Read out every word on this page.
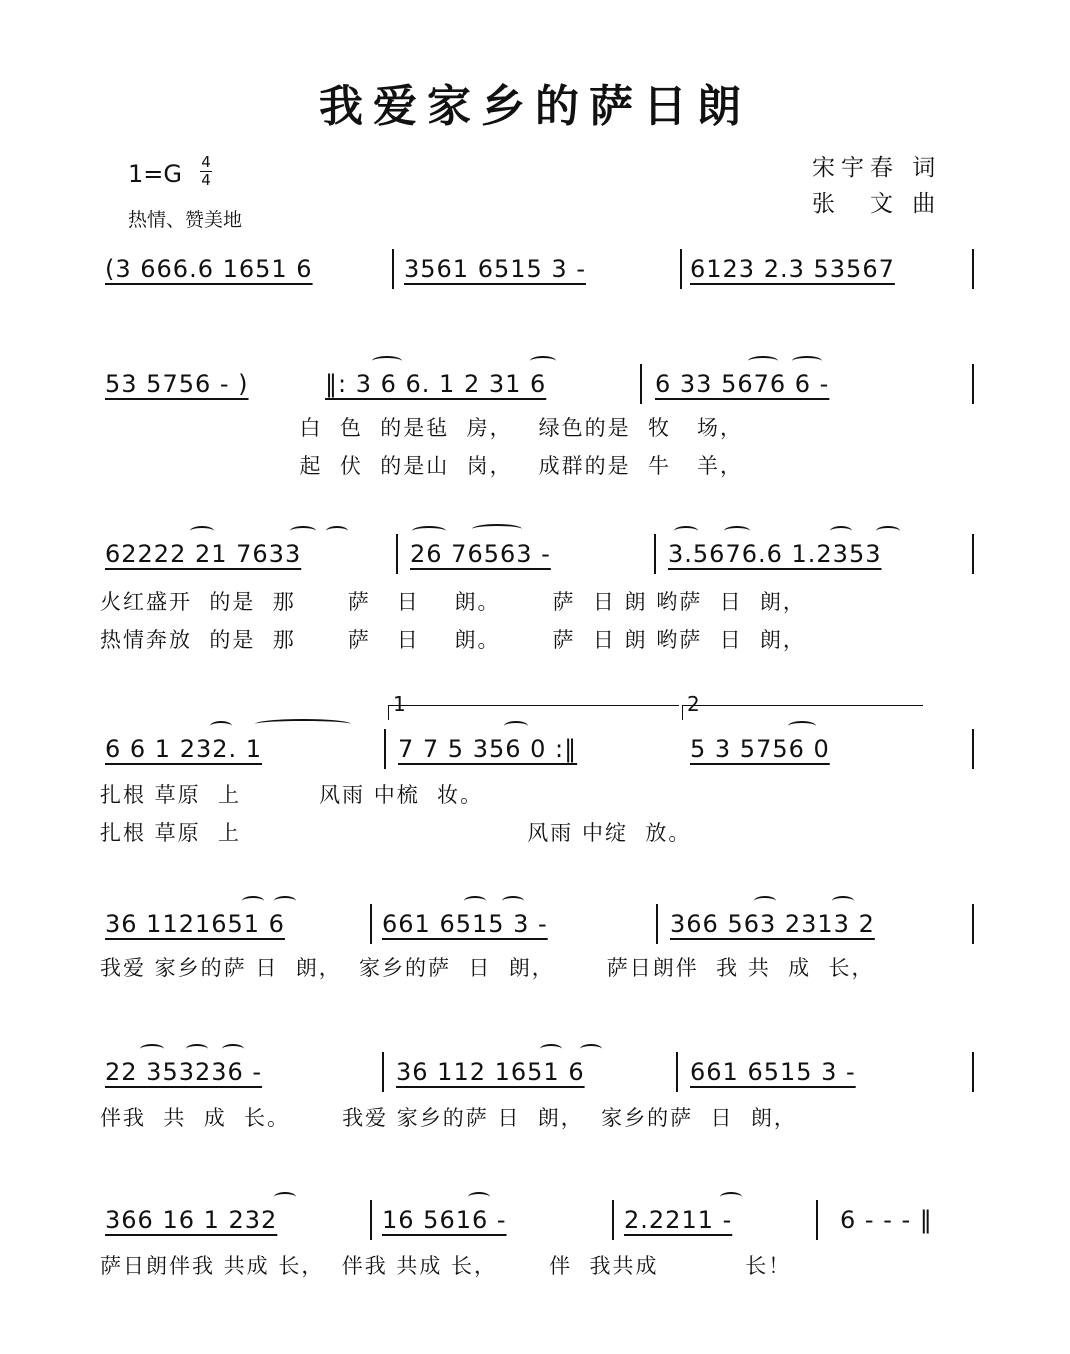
我爱家乡的萨日朗
1=G 4
4
热情、赞美地
宋宇春 词
张　文 曲
(3 666.6 1651 6	3561 6515 3 -	6123 2.3 53567
53 5756 - )	‖: 3 6 6. 1 2 31 6	6 33 5676 6 -
白  色  的是毡  房，   绿色的是  牧   场，
起  伏  的是山  岗，   成群的是  牛   羊，
62222 21 7633	26 76563 -	3.5676.6 1.2353
火红盛开  的是  那      萨   日    朗。      萨  日 朗 哟萨  日  朗，
热情奔放  的是  那      萨   日    朗。      萨  日 朗 哟萨  日  朗，
1	2
6 6 1 232. 1	7 7 5 356 0 :‖	5 3 5756 0
扎根 草原  上         风雨 中梳  妆。
扎根 草原  上                                 风雨 中绽  放。
36 1121651 6	661 6515 3 -	366 563 2313 2
我爱 家乡的萨 日  朗，  家乡的萨  日  朗，      萨日朗伴  我 共  成  长，
22 353236 -	36 112 1651 6	661 6515 3 -
伴我  共  成  长。      我爱 家乡的萨 日  朗，  家乡的萨  日  朗，
366 16 1 232	16 5616 -	2.2211 -	6 - - - ‖
萨日朗伴我 共成 长，  伴我 共成 长，      伴  我共成          长！
